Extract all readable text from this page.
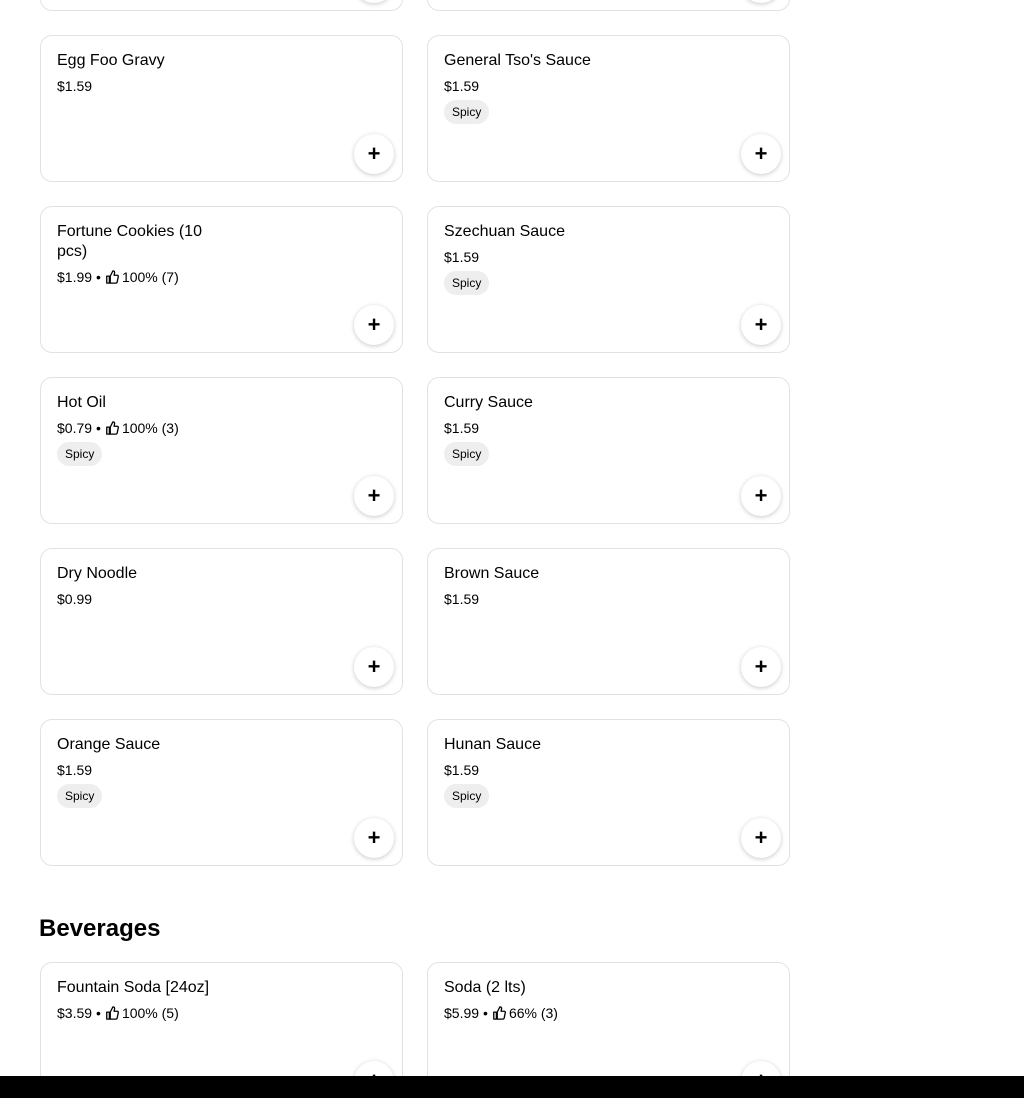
Egg Foo Gravy
$1.59
+
General Tso's Sauce
$1.59
Spicy
+
Fortune Cookies (10 pcs)
$1.99 • 100% (7)
+
Szechuan Sauce
$1.59
Spicy
+
Hot Oil
$0.79 • 100% (3)
Spicy
+
Curry Sauce
$1.59
Spicy
+
Dry Noodle
$0.99
+
Brown Sauce
$1.59
+
Orange Sauce
$1.59
Spicy
+
Hunan Sauce
$1.59
Spicy
+
Beverages
Fountain Soda [24oz]
$3.59 • 100% (5)
Soda (2 lts)
$5.99 • 66% (3)
